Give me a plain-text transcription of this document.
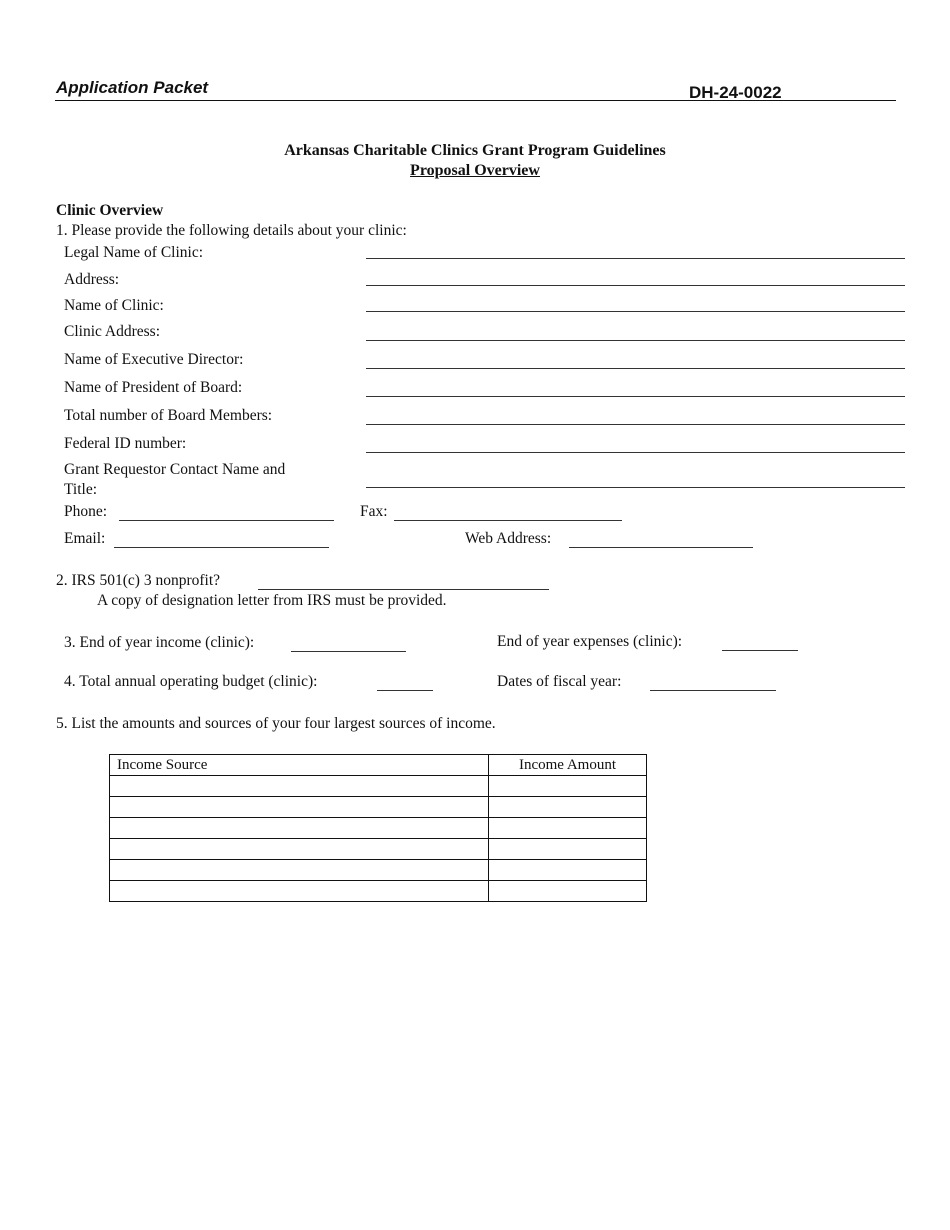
Application Packet	DH-24-0022
Arkansas Charitable Clinics Grant Program Guidelines
Proposal Overview
Clinic Overview
1. Please provide the following details about your clinic:
Legal Name of Clinic:
Address:
Name of Clinic:
Clinic Address:
Name of Executive Director:
Name of President of Board:
Total number of Board Members:
Federal ID number:
Grant Requestor Contact Name and
Title:
Phone:	Fax:
Email:	Web Address:
2. IRS 501(c) 3 nonprofit?
A copy of designation letter from IRS must be provided.
3. End of year income (clinic):	End of year expenses (clinic):
4. Total annual operating budget (clinic):	Dates of fiscal year:
5. List the amounts and sources of your four largest sources of income.
Income Source	Income Amount
